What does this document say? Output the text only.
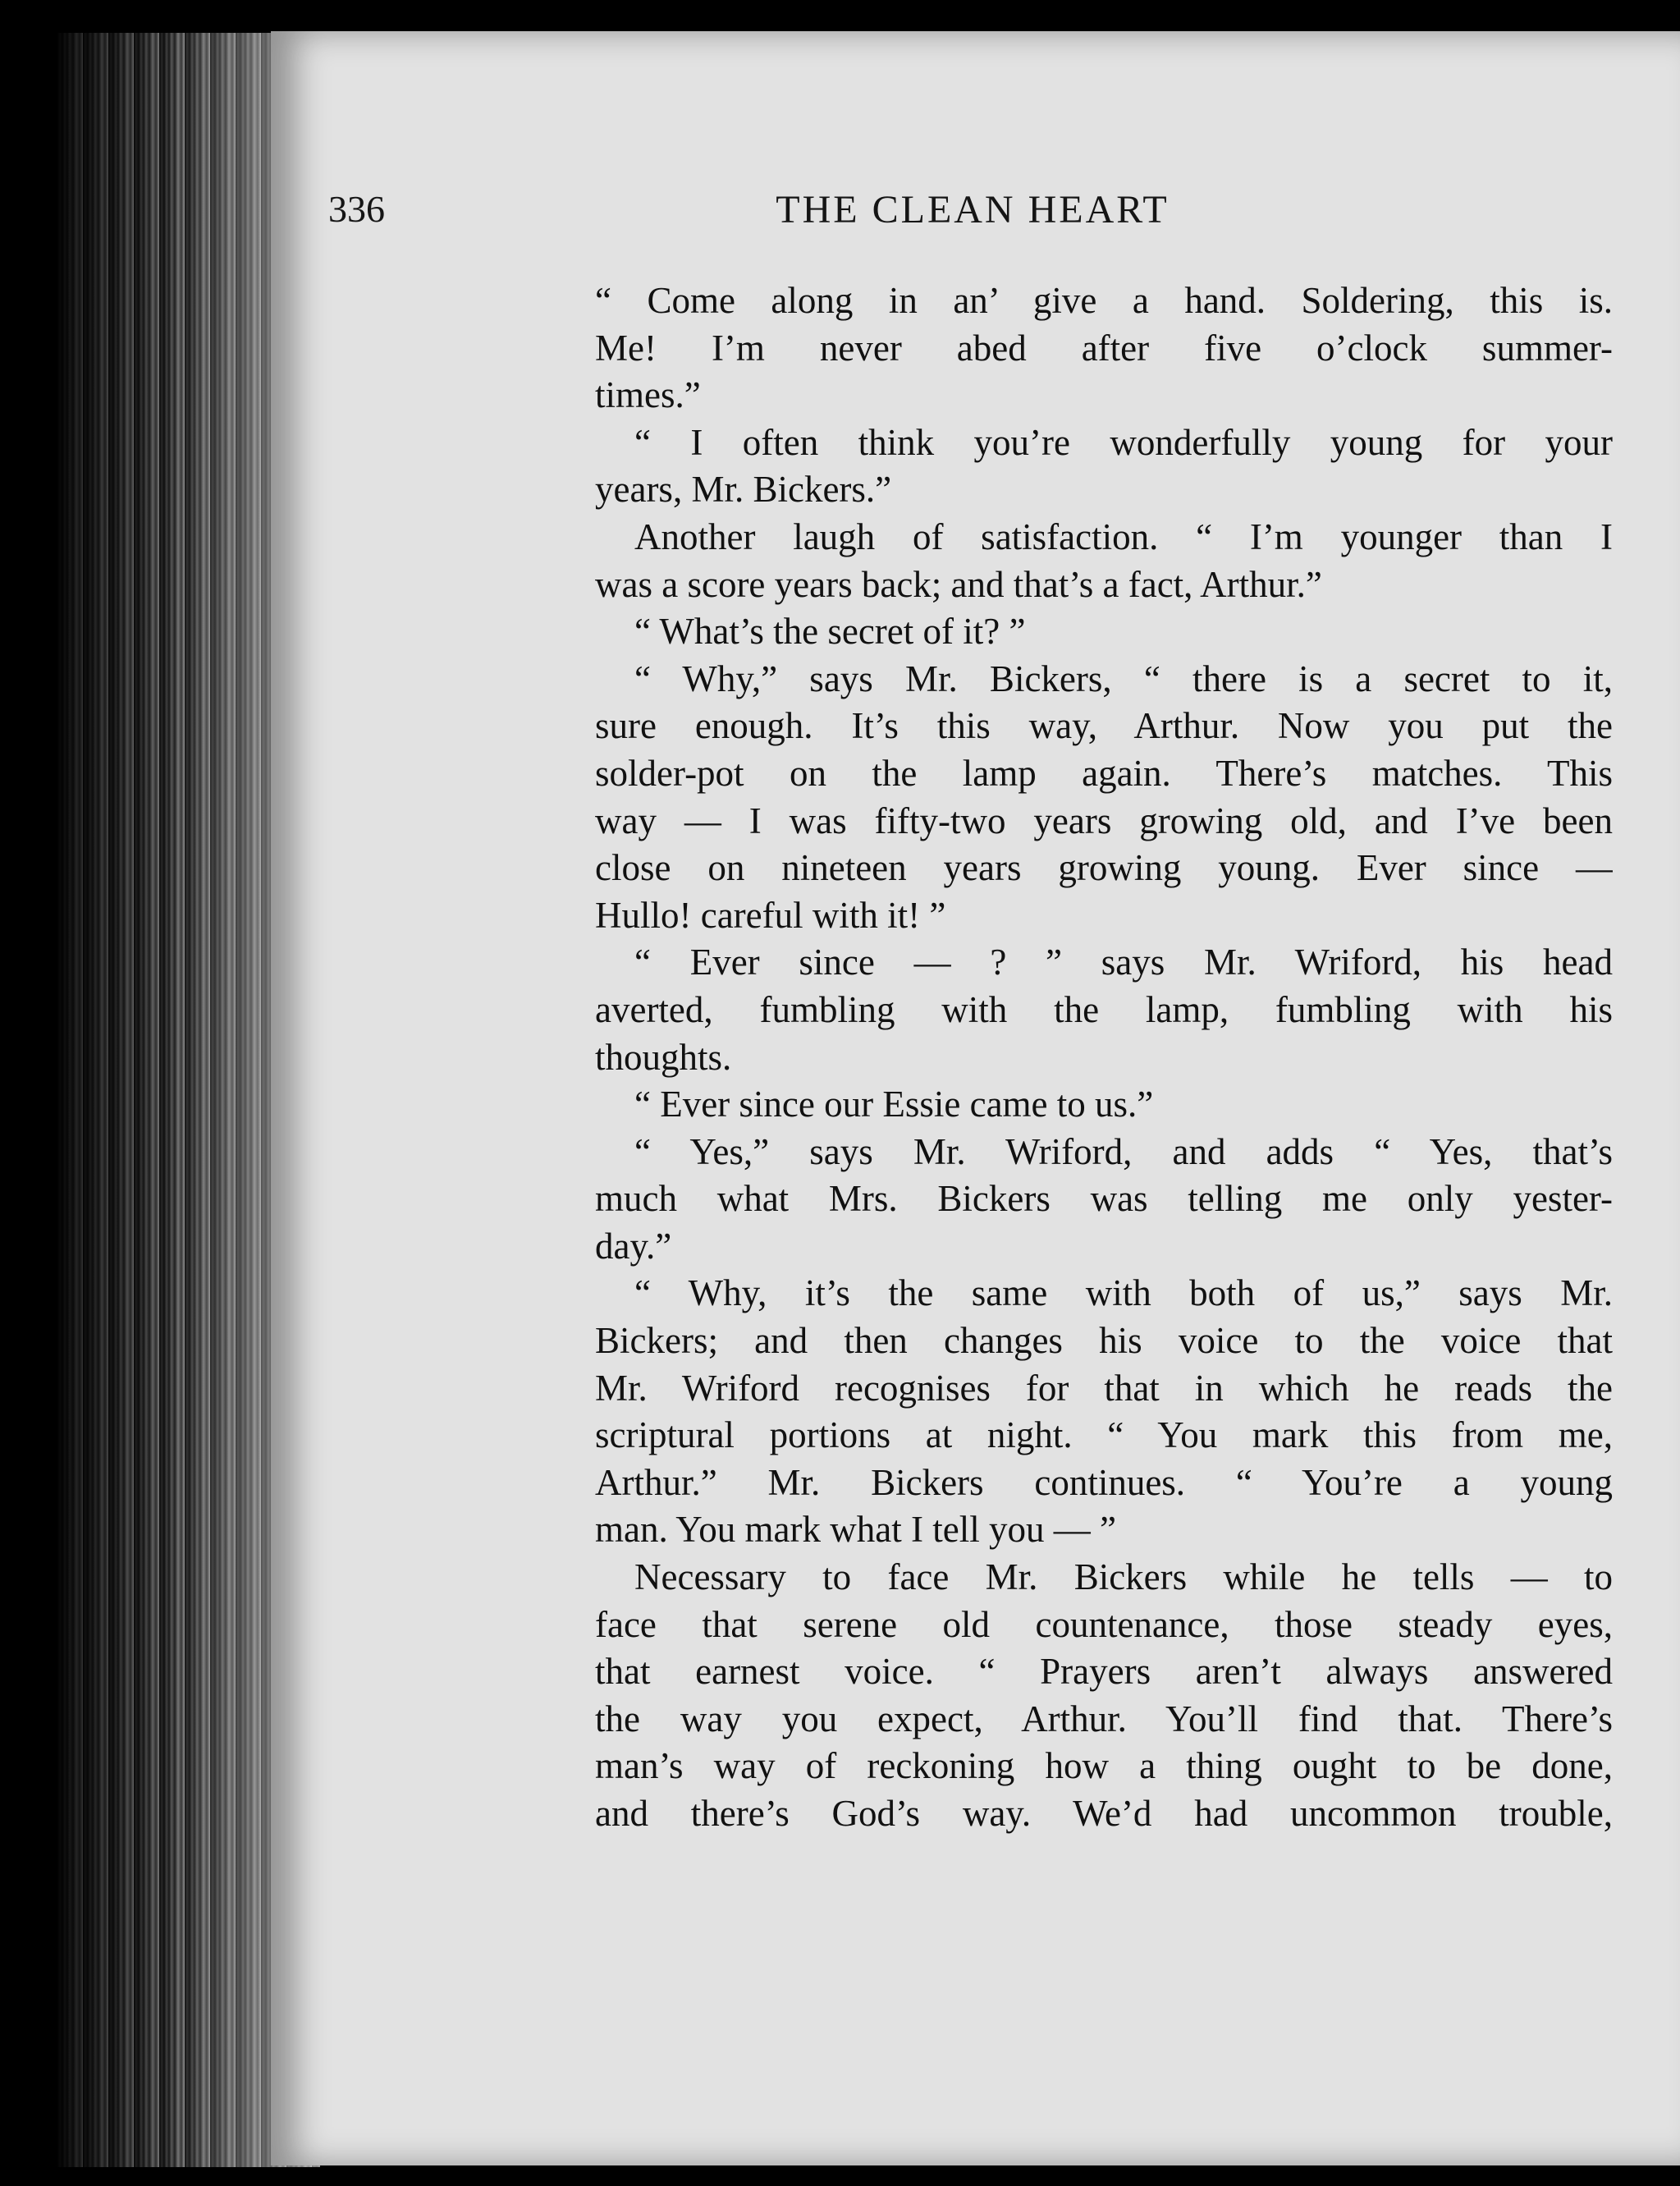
336	THE CLEAN HEART
“ Come along in an’ give a hand. Soldering, this is.
Me! I’m never abed after five o’clock summer-
times.”
“ I often think you’re wonderfully young for your
years, Mr. Bickers.”
Another laugh of satisfaction. “ I’m younger than I
was a score years back; and that’s a fact, Arthur.”
“ What’s the secret of it? ”
“ Why,” says Mr. Bickers, “ there is a secret to it,
sure enough. It’s this way, Arthur. Now you put the
solder-pot on the lamp again. There’s matches. This
way — I was fifty-two years growing old, and I’ve been
close on nineteen years growing young. Ever since —
Hullo! careful with it! ”
“ Ever since — ? ” says Mr. Wriford, his head
averted, fumbling with the lamp, fumbling with his
thoughts.
“ Ever since our Essie came to us.”
“ Yes,” says Mr. Wriford, and adds “ Yes, that’s
much what Mrs. Bickers was telling me only yester-
day.”
“ Why, it’s the same with both of us,” says Mr.
Bickers; and then changes his voice to the voice that
Mr. Wriford recognises for that in which he reads the
scriptural portions at night. “ You mark this from me,
Arthur.” Mr. Bickers continues. “ You’re a young
man. You mark what I tell you — ”
Necessary to face Mr. Bickers while he tells — to
face that serene old countenance, those steady eyes,
that earnest voice. “ Prayers aren’t always answered
the way you expect, Arthur. You’ll find that. There’s
man’s way of reckoning how a thing ought to be done,
and there’s God’s way. We’d had uncommon trouble,
